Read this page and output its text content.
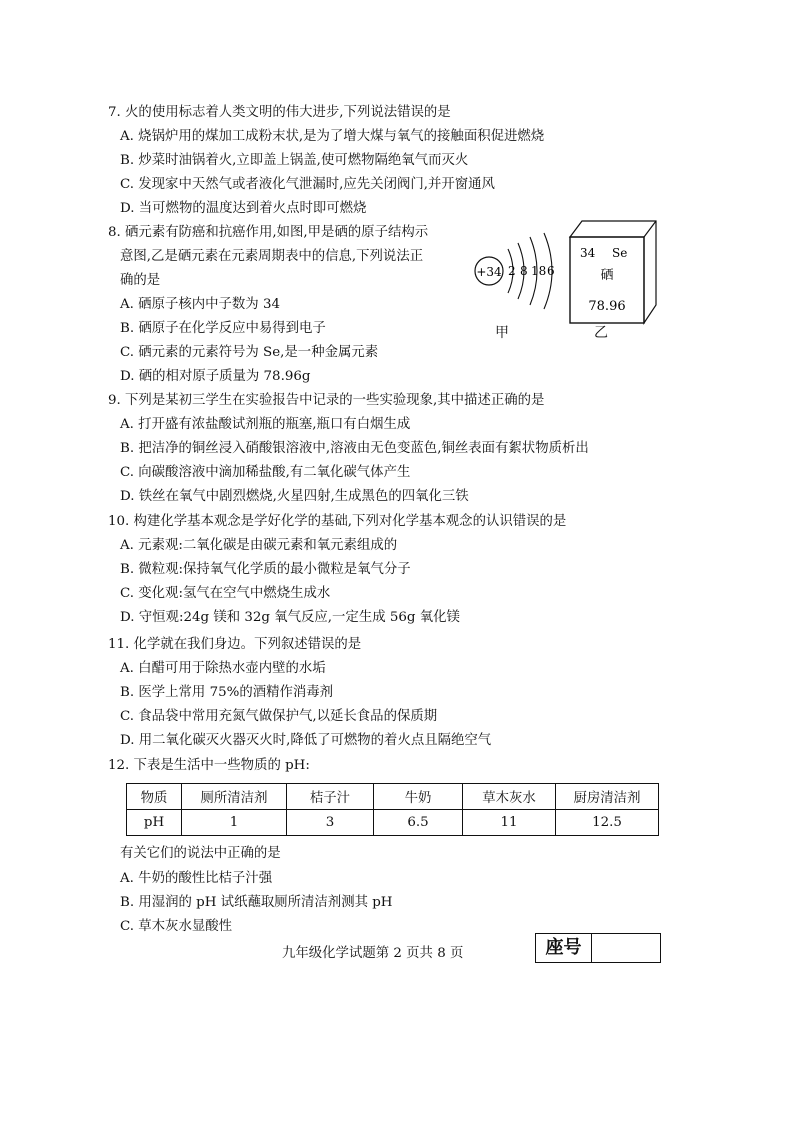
7. 火的使用标志着人类文明的伟大进步,下列说法错误的是
A. 烧锅炉用的煤加工成粉末状,是为了增大煤与氧气的接触面积促进燃烧
B. 炒菜时油锅着火,立即盖上锅盖,使可燃物隔绝氧气而灭火
C. 发现家中天然气或者液化气泄漏时,应先关闭阀门,并开窗通风
D. 当可燃物的温度达到着火点时即可燃烧
8. 硒元素有防癌和抗癌作用,如图,甲是硒的原子结构示
意图,乙是硒元素在元素周期表中的信息,下列说法正
确的是
A. 硒原子核内中子数为 34
B. 硒原子在化学反应中易得到电子
C. 硒元素的元素符号为 Se,是一种金属元素
D. 硒的相对原子质量为 78.96g
+34 2 8 18 6
34 Se
硒
78.96
甲	乙
9. 下列是某初三学生在实验报告中记录的一些实验现象,其中描述正确的是
A. 打开盛有浓盐酸试剂瓶的瓶塞,瓶口有白烟生成
B. 把洁净的铜丝浸入硝酸银溶液中,溶液由无色变蓝色,铜丝表面有絮状物质析出
C. 向碳酸溶液中滴加稀盐酸,有二氧化碳气体产生
D. 铁丝在氧气中剧烈燃烧,火星四射,生成黑色的四氧化三铁
10. 构建化学基本观念是学好化学的基础,下列对化学基本观念的认识错误的是
A. 元素观:二氧化碳是由碳元素和氧元素组成的
B. 微粒观:保持氧气化学质的最小微粒是氧气分子
C. 变化观:氢气在空气中燃烧生成水
D. 守恒观:24g 镁和 32g 氧气反应,一定生成 56g 氧化镁
11. 化学就在我们身边。下列叙述错误的是
A. 白醋可用于除热水壶内壁的水垢
B. 医学上常用 75%的酒精作消毒剂
C. 食品袋中常用充氮气做保护气,以延长食品的保质期
D. 用二氧化碳灭火器灭火时,降低了可燃物的着火点且隔绝空气
12. 下表是生活中一些物质的 pH:
物质	厕所清洁剂	桔子汁	牛奶	草木灰水	厨房清洁剂
pH	1	3	6.5	11	12.5
有关它们的说法中正确的是
A. 牛奶的酸性比桔子汁强
B. 用湿润的 pH 试纸蘸取厕所清洁剂测其 pH
C. 草木灰水显酸性
九年级化学试题第 2 页共 8 页	座号
